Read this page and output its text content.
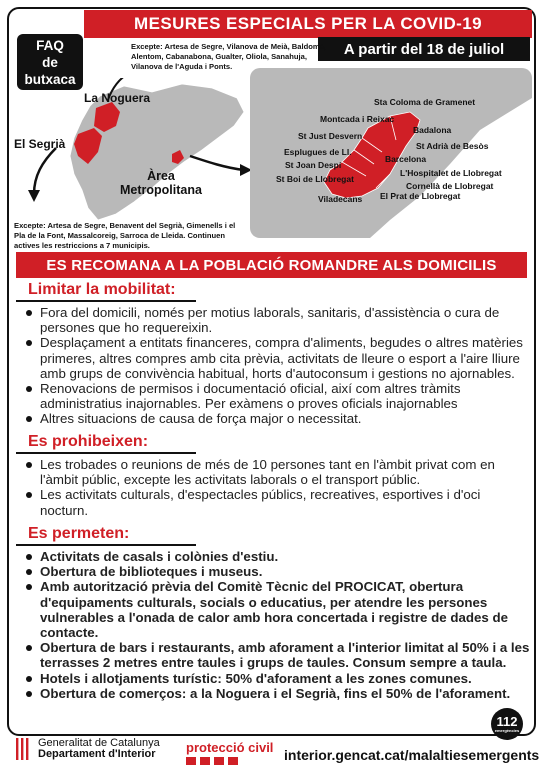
FAQ
de
butxaca
MESURES ESPECIALS PER LA COVID-19
A partir del 18 de juliol
Excepte: Artesa de Segre, Vilanova de Meià, Baldomà, Alentom, Cabanabona, Gualter, Oliola, Sanahuja, Vilanova de l'Aguda i Ponts.
La Noguera
El Segrià
Àrea
Metropolitana
Sta Coloma de Gramenet
Montcada i Reixac
Badalona
St Just Desvern
St Adrià de Besòs
Esplugues de Ll.
Barcelona
St Joan Despí
L'Hospitalet de Llobregat
St Boi de Llobregat
Cornellà de Llobregat
Viladecans El Prat de Llobregat
Excepte: Artesa de Segre, Benavent del Segrià, Gimenells i el Pla de la Font, Massalcoreig, Sarroca de Lleida. Continuen actives les restriccions a 7 municipis.
ES RECOMANA A LA POBLACIÓ ROMANDRE ALS DOMICILIS
Limitar la mobilitat:
Fora del domicili, només per motius laborals, sanitaris, d'assistència o cura de persones que ho requereixin.
Desplaçament a entitats financeres, compra d'aliments, begudes o altres matèries primeres, altres compres amb cita prèvia, activitats de lleure o esport a l'aire lliure amb grups de convivència habitual, horts d'autoconsum i gestions no ajornables.
Renovacions de permisos i documentació oficial, així com altres tràmits administratius inajornables. Per exàmens o proves oficials inajornables
Altres situacions de causa de força major o necessitat.
Es prohibeixen:
Les trobades o reunions de més de 10 persones tant en l'àmbit privat com en l'àmbit públic, excepte les activitats laborals o el transport públic.
Les activitats culturals, d'espectacles públics, recreatives, esportives i d'oci nocturn.
Es permeten:
Activitats de casals i colònies d'estiu.
Obertura de biblioteques i museus.
Amb autorització prèvia del Comitè Tècnic del PROCICAT, obertura d'equipaments culturals, socials o educatius, per atendre les persones vulnerables a l'onada de calor amb hora concertada i registre de dades de contacte.
Obertura de bars i restaurants, amb aforament a l'interior limitat al 50% i a les terrasses 2 metres entre taules i grups de taules. Consum sempre a taula.
Hotels i allotjaments turístic: 50% d'aforament a les zones comunes.
Obertura de comerços: a la Noguera i el Segrià, fins el 50% de l'aforament.
112
emergències
Generalitat de Catalunya
Departament d'Interior	protecció civil interior.gencat.cat/malaltiesemergents
